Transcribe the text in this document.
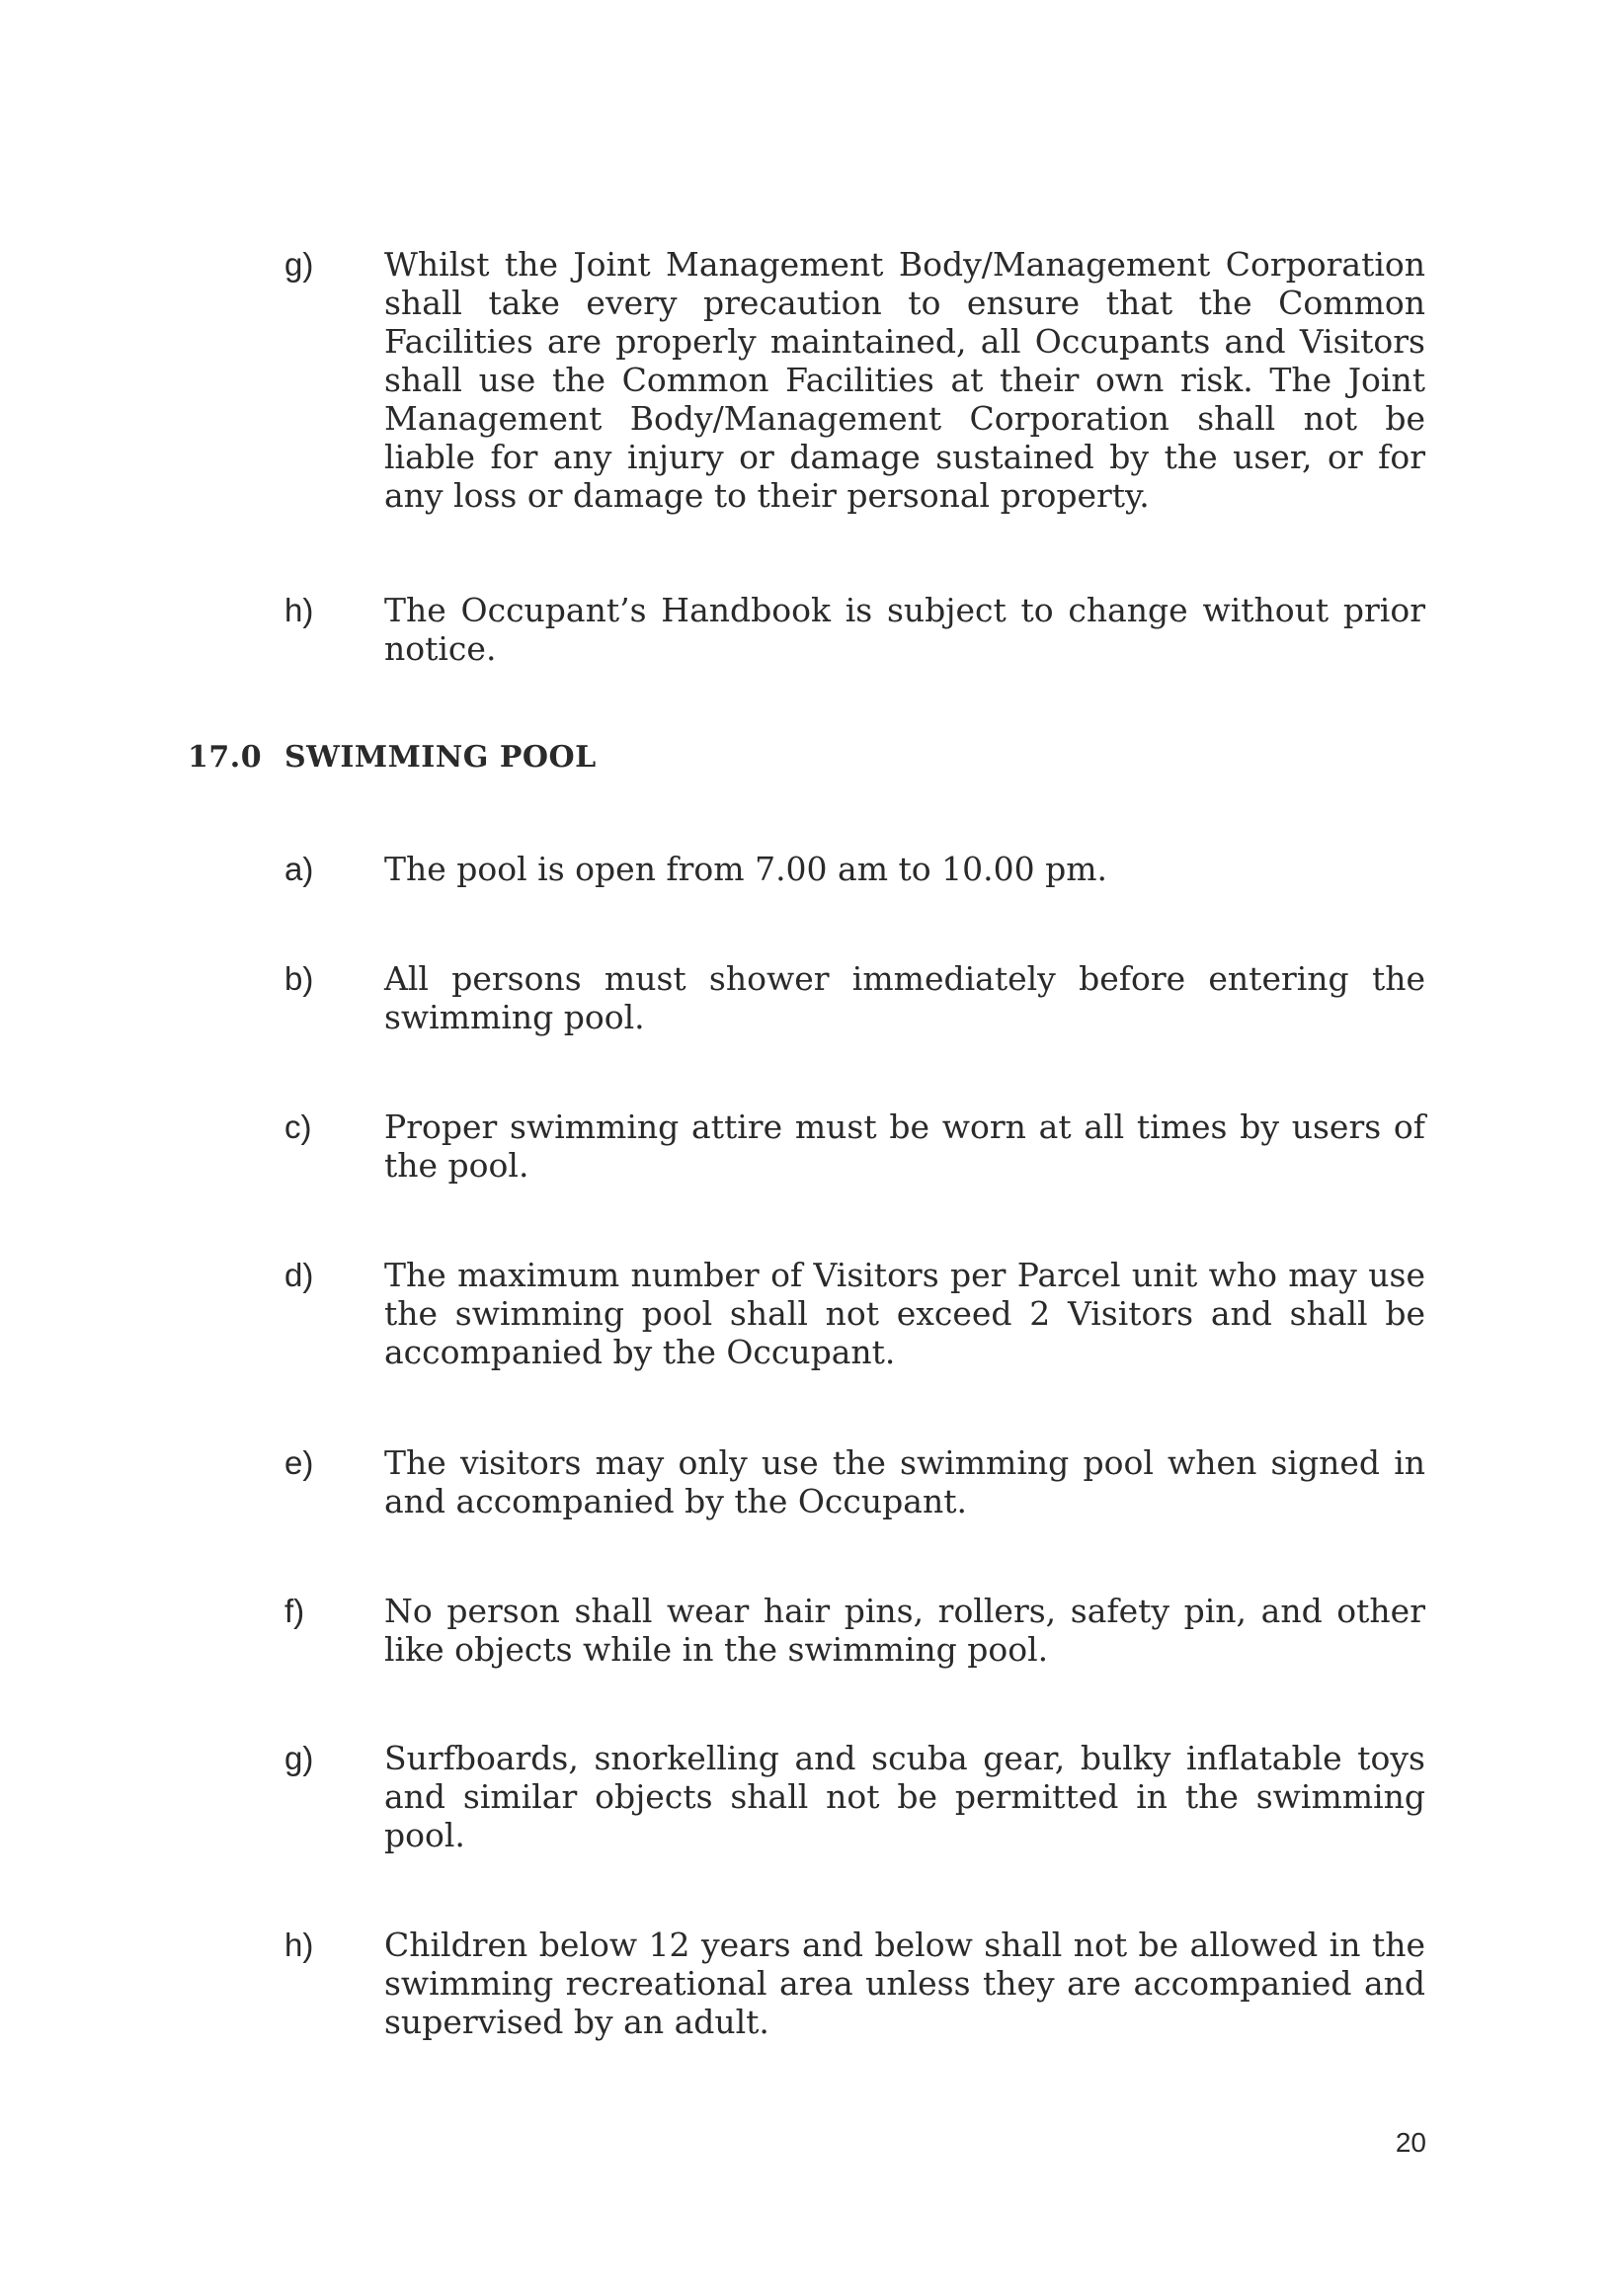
g)	Whilst the Joint Management Body/Management Corporation shall take every precaution to ensure that the Common Facilities are properly maintained, all Occupants and Visitors shall use the Common Facilities at their own risk. The Joint Management Body/Management Corporation shall not be liable for any injury or damage sustained by the user, or for any loss or damage to their personal property.
h)	The Occupant’s Handbook is subject to change without prior notice.
17.0 SWIMMING POOL
a)	The pool is open from 7.00 am to 10.00 pm.
b)	All persons must shower immediately before entering the swimming pool.
c)	Proper swimming attire must be worn at all times by users of the pool.
d)	The maximum number of Visitors per Parcel unit who may use the swimming pool shall not exceed 2 Visitors and shall be accompanied by the Occupant.
e)	The visitors may only use the swimming pool when signed in and accompanied by the Occupant.
f)	No person shall wear hair pins, rollers, safety pin, and other like objects while in the swimming pool.
g)	Surfboards, snorkelling and scuba gear, bulky inflatable toys and similar objects shall not be permitted in the swimming pool.
h)	Children below 12 years and below shall not be allowed in the swimming recreational area unless they are accompanied and supervised by an adult.
20
